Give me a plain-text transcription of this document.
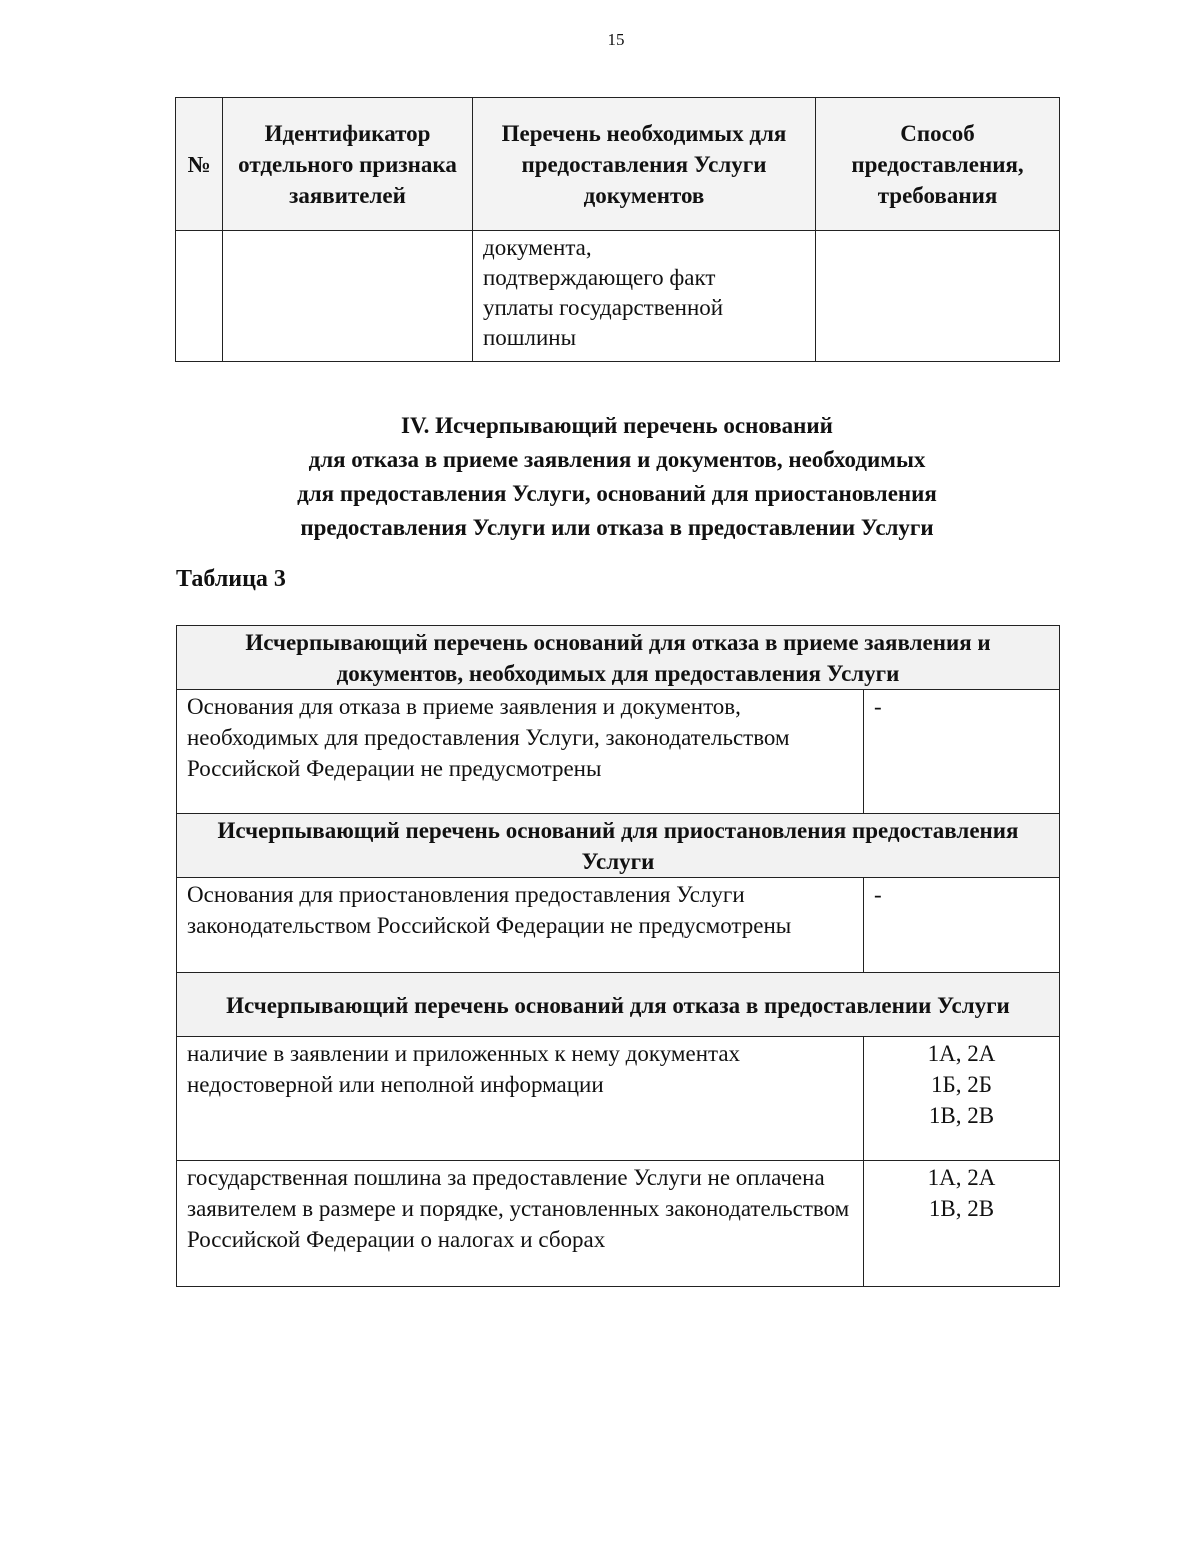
15
№	Идентификатор отдельного признака заявителей	Перечень необходимых для предоставления Услуги документов	Способ предоставления, требования

		документа,
подтверждающего факт
уплаты государственной
пошлины	

IV. Исчерпывающий перечень оснований
для отказа в приеме заявления и документов, необходимых
для предоставления Услуги, оснований для приостановления
предоставления Услуги или отказа в предоставлении Услуги

Таблица 3

Исчерпывающий перечень оснований для отказа в приеме заявления и документов, необходимых для предоставления Услуги	
Основания для отказа в приеме заявления и документов, необходимых для предоставления Услуги, законодательством Российской Федерации не предусмотрены	-

Исчерпывающий перечень оснований для приостановления предоставления Услуги	
Основания для приостановления предоставления Услуги законодательством Российской Федерации не предусмотрены	-

Исчерпывающий перечень оснований для отказа в предоставлении Услуги	
наличие в заявлении и приложенных к нему документах недостоверной или неполной информации	1А, 2А
1Б, 2Б
1В, 2В

государственная пошлина за предоставление Услуги не оплачена заявителем в размере и порядке, установленных законодательством Российской Федерации о налогах и сборах	1А, 2А
1В, 2В
